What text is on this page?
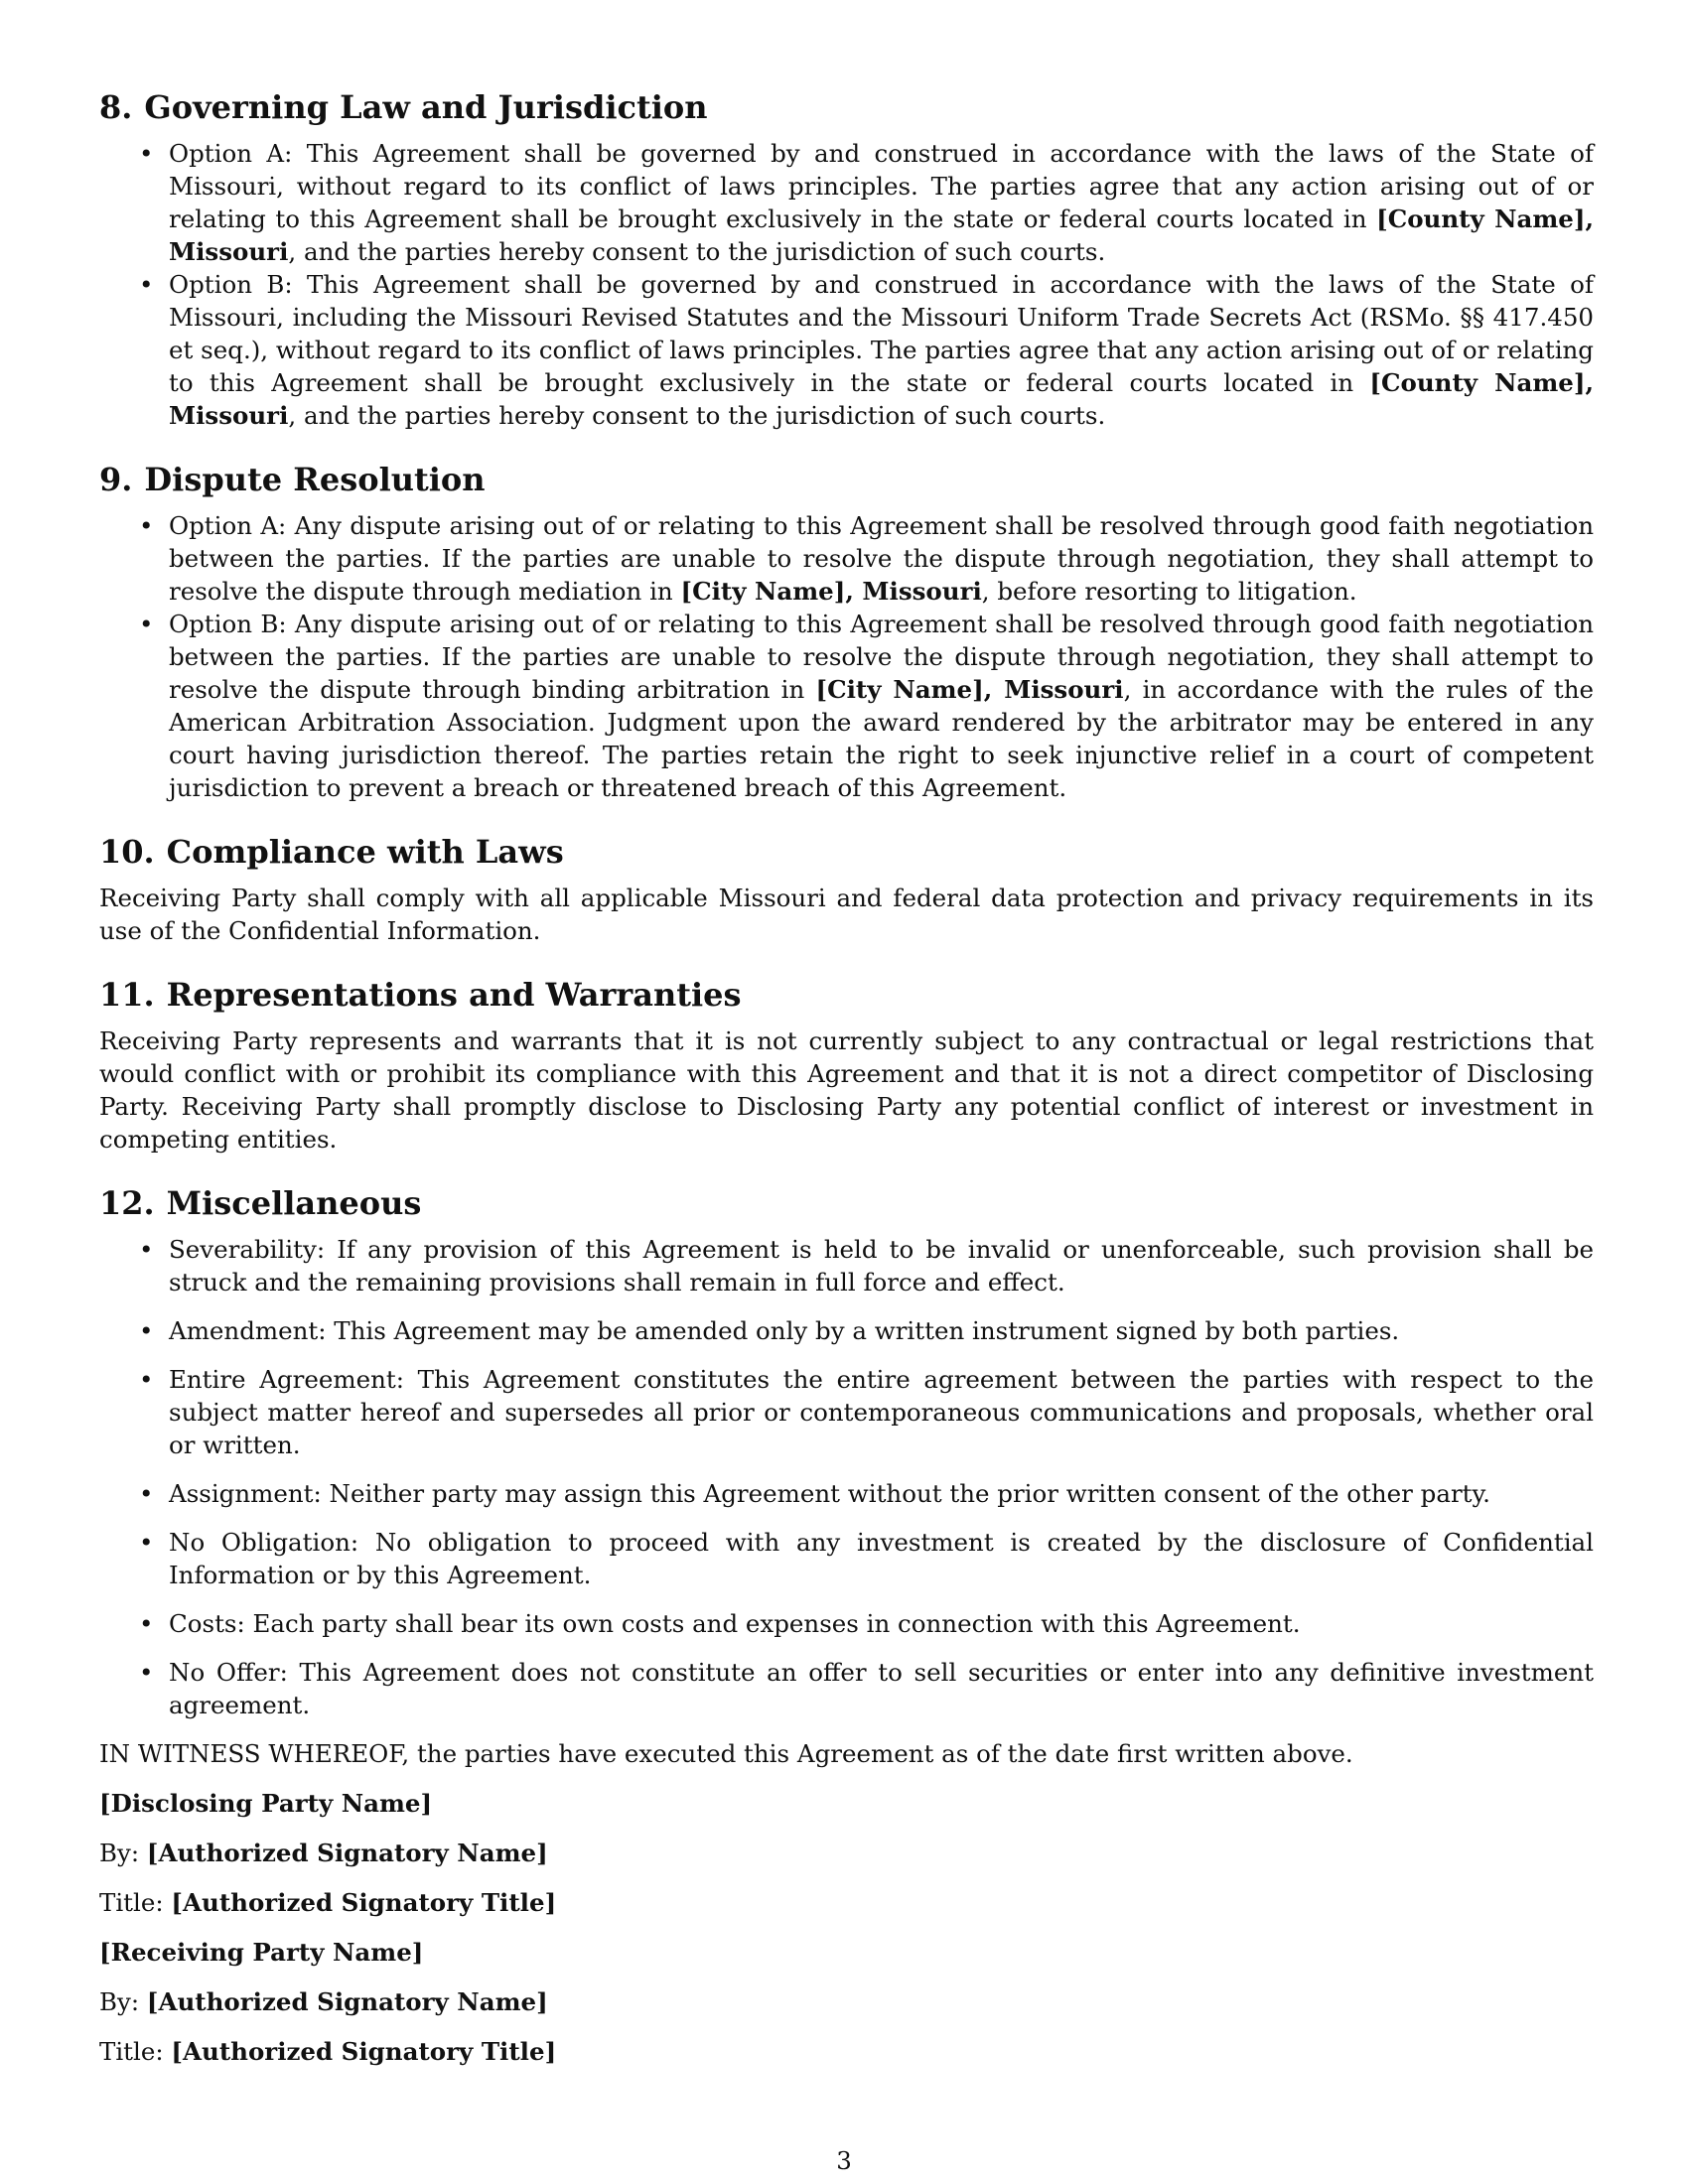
8. Governing Law and Jurisdiction
• Option A: This Agreement shall be governed by and construed in accordance with the laws of the State of Missouri, without regard to its conflict of laws principles. The parties agree that any action arising out of or relating to this Agreement shall be brought exclusively in the state or federal courts located in [County Name], Missouri, and the parties hereby consent to the jurisdiction of such courts.
• Option B: This Agreement shall be governed by and construed in accordance with the laws of the State of Missouri, including the Missouri Revised Statutes and the Missouri Uniform Trade Secrets Act (RSMo. §§ 417.450 et seq.), without regard to its conflict of laws principles. The parties agree that any action arising out of or relating to this Agreement shall be brought exclusively in the state or federal courts located in [County Name], Missouri, and the parties hereby consent to the jurisdiction of such courts.
9. Dispute Resolution
• Option A: Any dispute arising out of or relating to this Agreement shall be resolved through good faith negotiation between the parties. If the parties are unable to resolve the dispute through negotiation, they shall attempt to resolve the dispute through mediation in [City Name], Missouri, before resorting to litigation.
• Option B: Any dispute arising out of or relating to this Agreement shall be resolved through good faith negotiation between the parties. If the parties are unable to resolve the dispute through negotiation, they shall attempt to resolve the dispute through binding arbitration in [City Name], Missouri, in accordance with the rules of the American Arbitration Association. Judgment upon the award rendered by the arbitrator may be entered in any court having jurisdiction thereof. The parties retain the right to seek injunctive relief in a court of competent jurisdiction to prevent a breach or threatened breach of this Agreement.
10. Compliance with Laws

Receiving Party shall comply with all applicable Missouri and federal data protection and privacy requirements in its use of the Confidential Information.

11. Representations and Warranties

Receiving Party represents and warrants that it is not currently subject to any contractual or legal restrictions that would conflict with or prohibit its compliance with this Agreement and that it is not a direct competitor of Disclosing Party. Receiving Party shall promptly disclose to Disclosing Party any potential conflict of interest or investment in competing entities.

12. Miscellaneous
• Severability: If any provision of this Agreement is held to be invalid or unenforceable, such provision shall be struck and the remaining provisions shall remain in full force and effect.
• Amendment: This Agreement may be amended only by a written instrument signed by both parties.
• Entire Agreement: This Agreement constitutes the entire agreement between the parties with respect to the subject matter hereof and supersedes all prior or contemporaneous communications and proposals, whether oral or written.
• Assignment: Neither party may assign this Agreement without the prior written consent of the other party.
• No Obligation: No obligation to proceed with any investment is created by the disclosure of Confidential Information or by this Agreement.
• Costs: Each party shall bear its own costs and expenses in connection with this Agreement.
• No Offer: This Agreement does not constitute an offer to sell securities or enter into any definitive investment agreement.

IN WITNESS WHEREOF, the parties have executed this Agreement as of the date first written above.

[Disclosing Party Name]

By: [Authorized Signatory Name]

Title: [Authorized Signatory Title]

[Receiving Party Name]

By: [Authorized Signatory Name]

Title: [Authorized Signatory Title]

3
